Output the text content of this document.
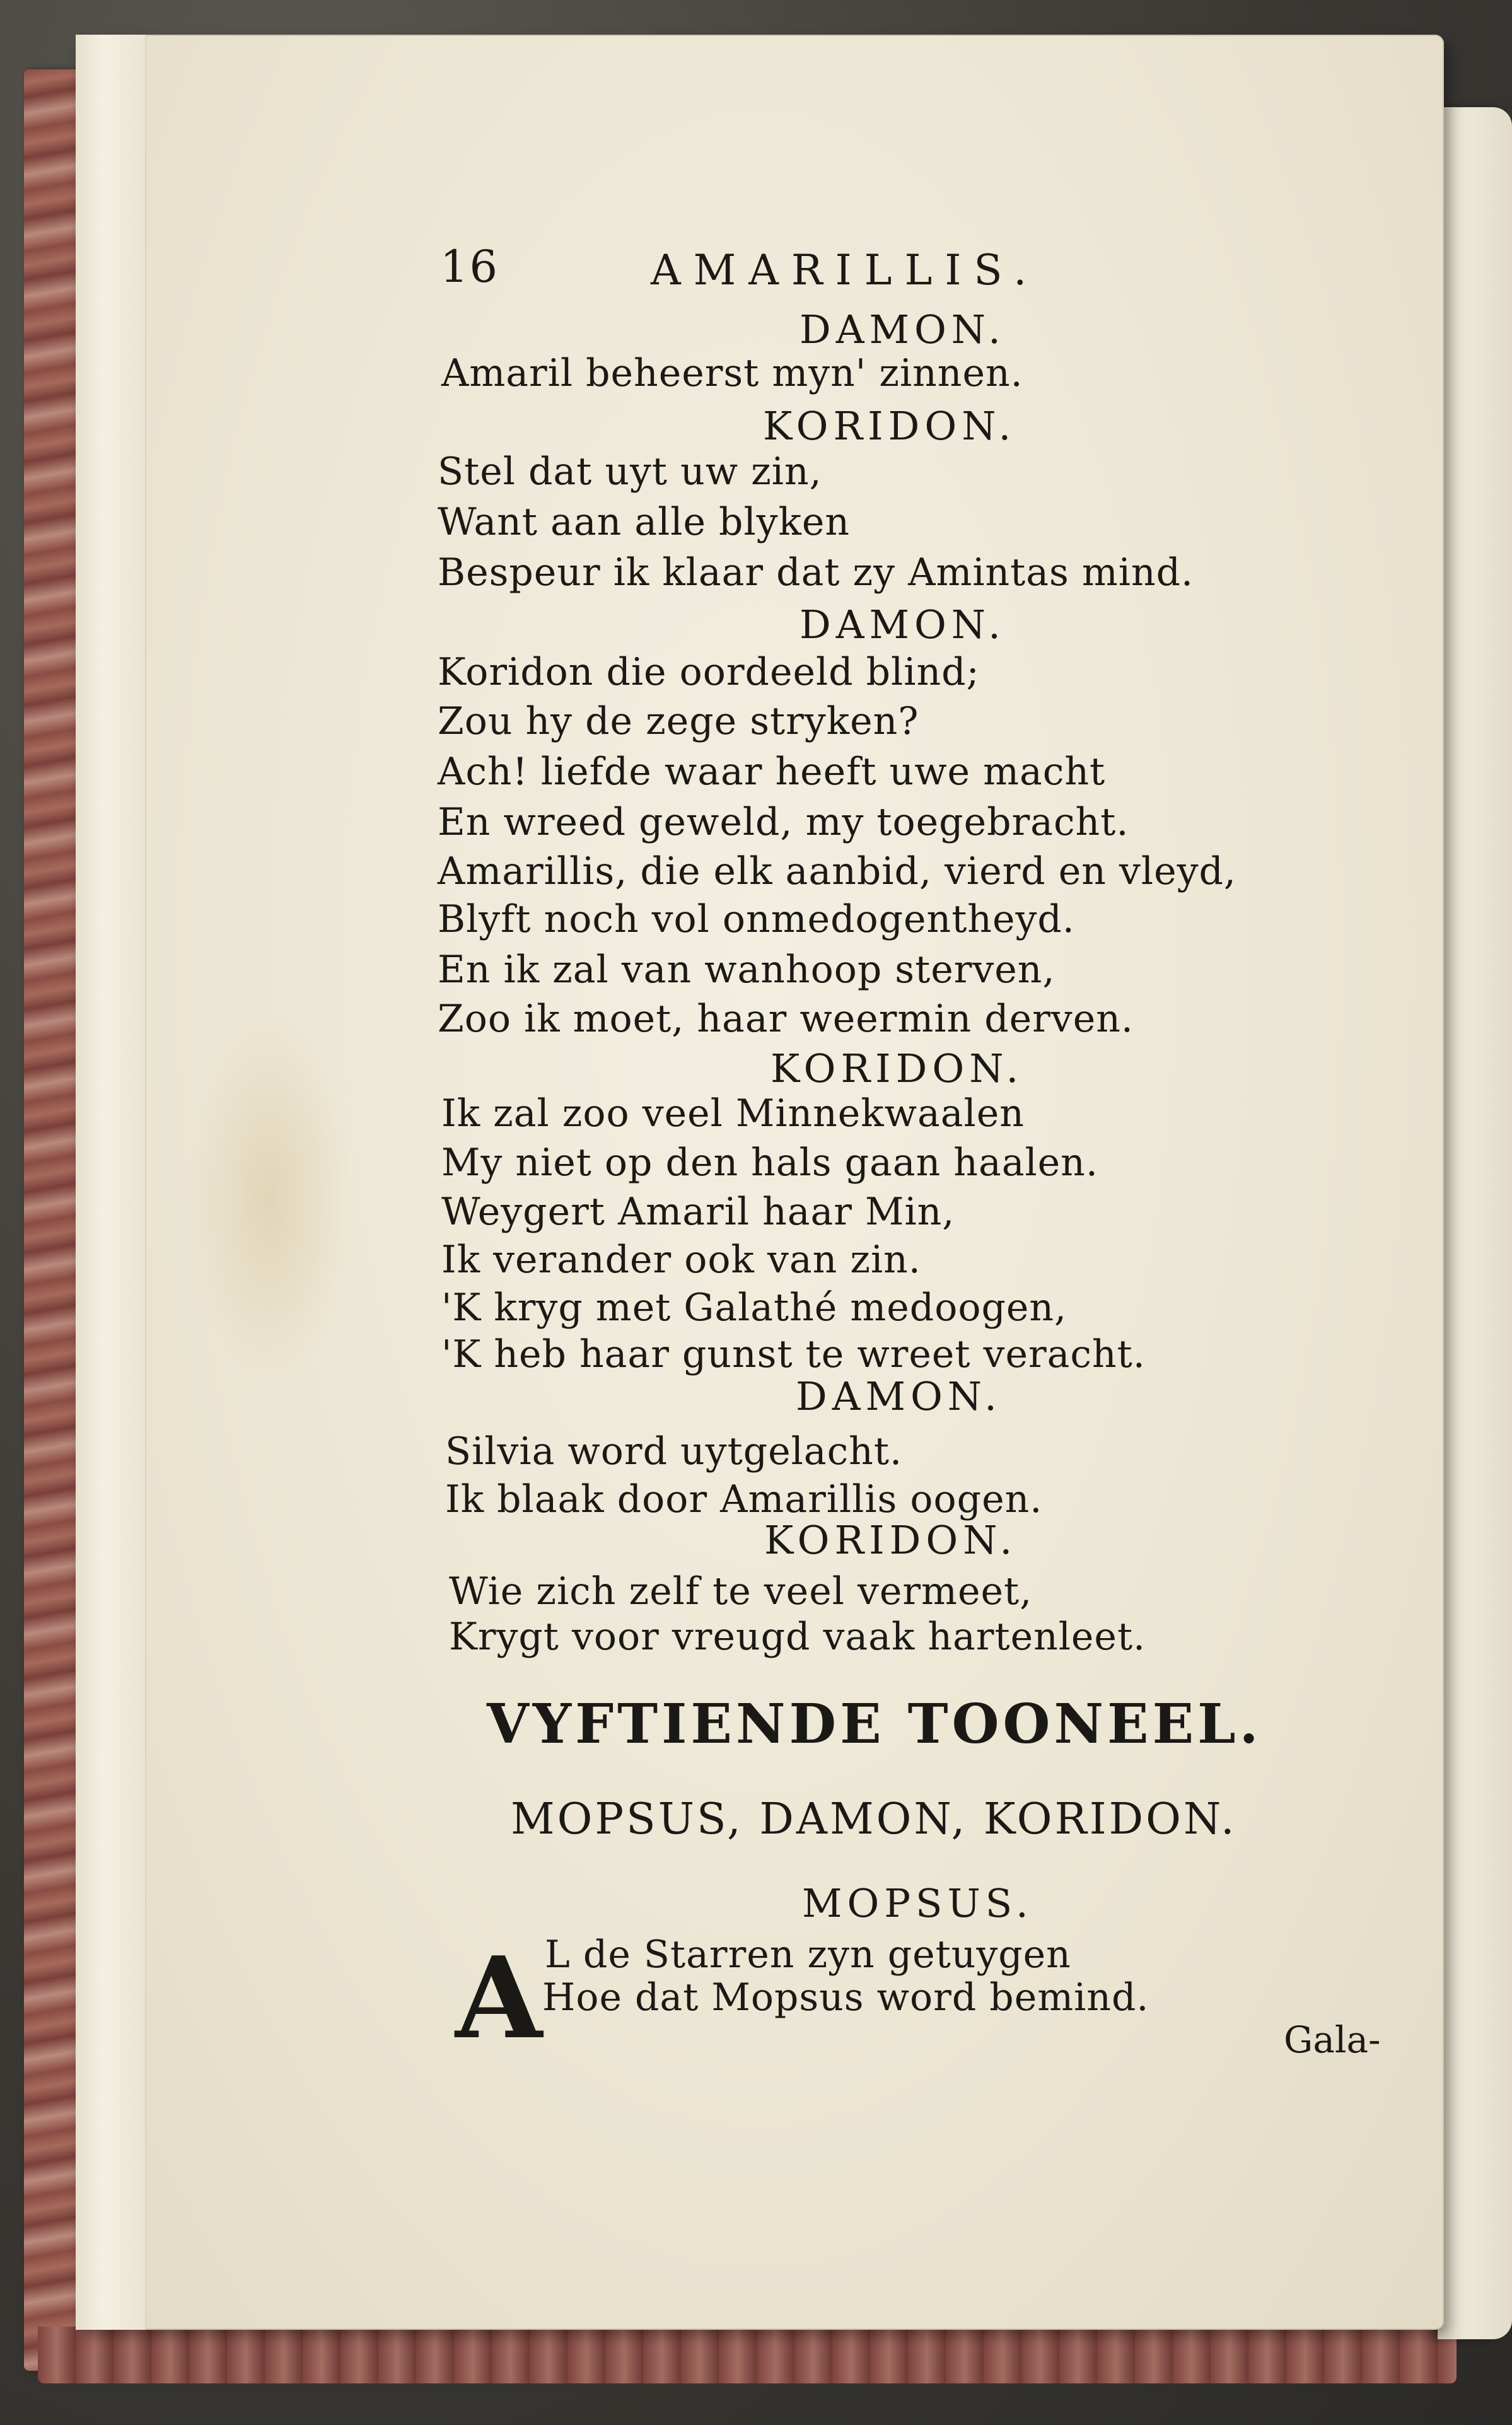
16	AMARILLIS.

DAMON.

Amaril beheerst myn' zinnen.

KORIDON.

Stel dat uyt uw zin,

Want aan alle blyken

Bespeur ik klaar dat zy Amintas mind.

DAMON.

Koridon die oordeeld blind;

Zou hy de zege stryken?

Ach! liefde waar heeft uwe macht

En wreed geweld, my toegebracht.

Amarillis, die elk aanbid, vierd en vleyd,

Blyft noch vol onmedogentheyd.

En ik zal van wanhoop sterven,

Zoo ik moet, haar weermin derven.

KORIDON.

Ik zal zoo veel Minnekwaalen

My niet op den hals gaan haalen.

Weygert Amaril haar Min,

Ik verander ook van zin.

'K kryg met Galathé medoogen,

'K heb haar gunst te wreet veracht.

DAMON.

Silvia word uytgelacht.

Ik blaak door Amarillis oogen.

KORIDON.

Wie zich zelf te veel vermeet,

Krygt voor vreugd vaak hartenleet.

VYFTIENDE TOONEEL.

MOPSUS, DAMON, KORIDON.

MOPSUS.

A L de Starren zyn getuygen

Hoe dat Mopsus word bemind.

Gala-
